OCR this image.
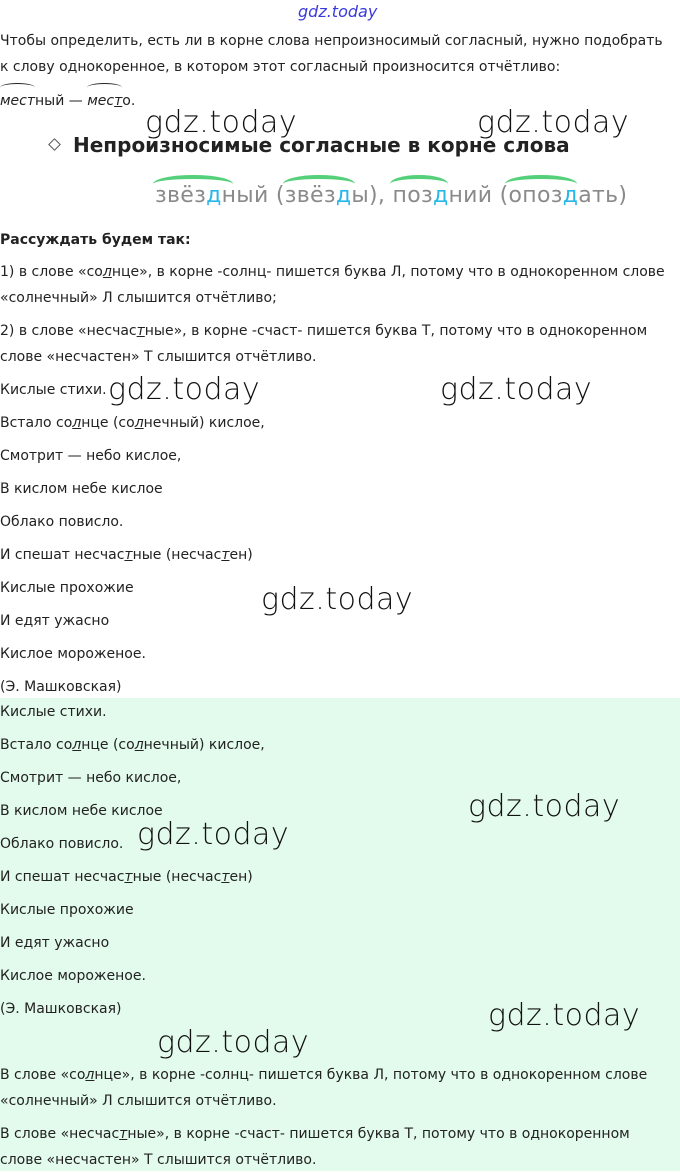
gdz.today
Чтобы определить, есть ли в корне слова непроизносимый согласный, нужно подобрать
к слову однокоренное, в котором этот согласный произносится отчётливо:
местный — место.
Непроизносимые согласные в корне слова
звёздный (звёзды), поздний (опоздать)
Рассуждать будем так:
1) в слове «солнце», в корне -солнц- пишется буква Л, потому что в однокоренном слове
«солнечный» Л слышится отчётливо;
2) в слове «несчастные», в корне -счаст- пишется буква Т, потому что в однокоренном
слове «несчастен» Т слышится отчётливо.
Кислые стихи.
Встало солнце (солнечный) кислое,
Смотрит — небо кислое,
В кислом небе кислое
Облако повисло.
И спешат несчастные (несчастен)
Кислые прохожие
И едят ужасно
Кислое мороженое.
(Э. Машковская)
Кислые стихи.
Встало солнце (солнечный) кислое,
Смотрит — небо кислое,
В кислом небе кислое
Облако повисло.
И спешат несчастные (несчастен)
Кислые прохожие
И едят ужасно
Кислое мороженое.
(Э. Машковская)
В слове «солнце», в корне -солнц- пишется буква Л, потому что в однокоренном слове
«солнечный» Л слышится отчётливо.
В слове «несчастные», в корне -счаст- пишется буква Т, потому что в однокоренном
слове «несчастен» Т слышится отчётливо.
gdz.today	gdz.today
gdz.today	gdz.today
gdz.today
gdz.today
gdz.today
gdz.today
gdz.today
